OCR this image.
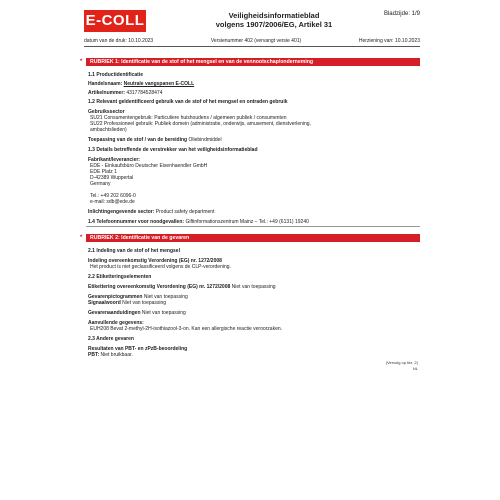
E-COLL	Veiligheidsinformatieblad
volgens 1907/2006/EG, Artikel 31
Bladzijde: 1/9
datum van de druk: 10.10.2023	Versienummer 402 (vervangt versie 401)	Herziening van: 10.10.2023
* RUBRIEK 1: Identificatie van de stof of het mengsel en van de vennootschap/onderneming
1.1 Productidentificatie
Handelsnaam: Neutrale vangspanen E-COLL
Artikelnummer: 4317784528474
1.2 Relevant geïdentificeerd gebruik van de stof of het mengsel en ontraden gebruik
Gebruikssector
SU21 Consumentengebruik: Particuliere huishoudens / algemeen publiek / consumenten
SU22 Professioneel gebruik: Publiek domein (administratie, onderwijs, amusement, dienstverlening,
ambachtslieden)
Toepassing van de stof / van de bereiding Oliebindmiddel
1.3 Details betreffende de verstrekker van het veiligheidsinformatieblad
Fabrikant/leverancier:
EDE - Einkaufsbüro Deutscher Eisenhaendler GmbH
EDE Platz 1
D-42389 Wuppertal
Germany
Tel.: +49 202 6096-0
e-mail: sdb@ede.de
Inlichtingengevende sector: Product safety department
1.4 Telefoonnummer voor noodgevallen: Giftinformationszentrum Mainz – Tel.: +49 (6131) 19240
* RUBRIEK 2: Identificatie van de gevaren
2.1 Indeling van de stof of het mengsel
Indeling overeenkomstig Verordening (EG) nr. 1272/2008
Het product is niet geclassificeerd volgens de CLP-verordening.
2.2 Etiketteringselementen
Etikettering overeenkomstig Verordening (EG) nr. 1272/2008 Niet van toepassing
Gevarenpictogrammen Niet van toepassing
Signaalwoord Niet van toepassing
Gevarenaanduidingen Niet van toepassing
Aanvullende gegevens:
EUH208 Bevat 2-methyl-2H-isothiazool-3-on. Kan een allergische reactie veroorzaken.
2.3 Andere gevaren
Resultaten van PBT- en zPzB-beoordeling
PBT: Niet bruikbaar.
(Vervolg op blz. 2)
NL
